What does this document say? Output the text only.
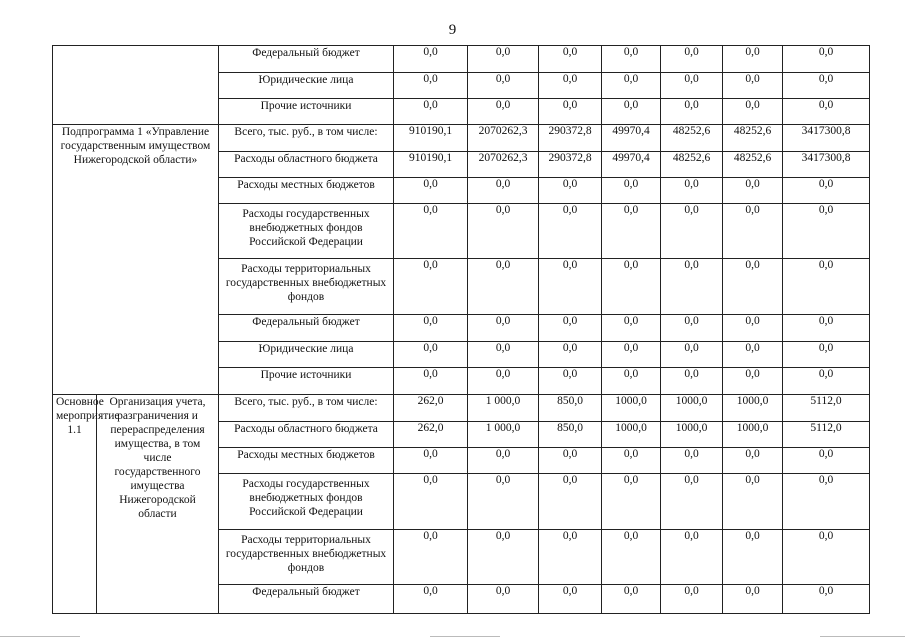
9
		Федеральный бюджет	0,0	0,0	0,0	0,0	0,0	0,0	0,0
		Юридические лица	0,0	0,0	0,0	0,0	0,0	0,0	0,0
		Прочие источники	0,0	0,0	0,0	0,0	0,0	0,0	0,0
Подпрограмма 1 «Управление государственным имуществом Нижегородской области»		Всего, тыс. руб., в том числе:	910190,1	2070262,3	290372,8	49970,4	48252,6	48252,6	3417300,8
		Расходы областного бюджета	910190,1	2070262,3	290372,8	49970,4	48252,6	48252,6	3417300,8
		Расходы местных бюджетов	0,0	0,0	0,0	0,0	0,0	0,0	0,0
		Расходы государственных внебюджетных фондов Российской Федерации	0,0	0,0	0,0	0,0	0,0	0,0	0,0
		Расходы территориальных государственных внебюджетных фондов	0,0	0,0	0,0	0,0	0,0	0,0	0,0
		Федеральный бюджет	0,0	0,0	0,0	0,0	0,0	0,0	0,0
		Юридические лица	0,0	0,0	0,0	0,0	0,0	0,0	0,0
		Прочие источники	0,0	0,0	0,0	0,0	0,0	0,0	0,0
Основное мероприятие 1.1	Организация учета, разграничения и перераспределения имущества, в том числе государственного имущества Нижегородской области	Всего, тыс. руб., в том числе:	262,0	1 000,0	850,0	1000,0	1000,0	1000,0	5112,0
		Расходы областного бюджета	262,0	1 000,0	850,0	1000,0	1000,0	1000,0	5112,0
		Расходы местных бюджетов	0,0	0,0	0,0	0,0	0,0	0,0	0,0
		Расходы государственных внебюджетных фондов Российской Федерации	0,0	0,0	0,0	0,0	0,0	0,0	0,0
		Расходы территориальных государственных внебюджетных фондов	0,0	0,0	0,0	0,0	0,0	0,0	0,0
		Федеральный бюджет	0,0	0,0	0,0	0,0	0,0	0,0	0,0
